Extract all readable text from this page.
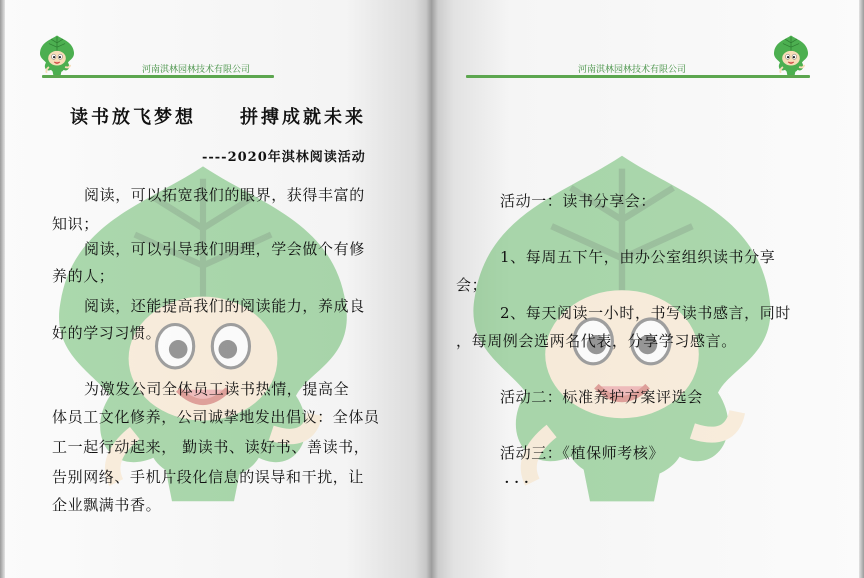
河南淇林园林技术有限公司
读书放飞梦想 拼搏成就未来
----2020年淇林阅读活动
阅读，可以拓宽我们的眼界，获得丰富的
知识；
阅读，可以引导我们明理，学会做个有修
养的人；
阅读，还能提高我们的阅读能力，养成良
好的学习习惯。
为激发公司全体员工读书热情，提高全
体员工文化修养，公司诚挚地发出倡议：全体员
工一起行动起来， 勤读书、读好书、善读书，
告别网络、手机片段化信息的误导和干扰，让
企业飘满书香。
河南淇林园林技术有限公司
活动一：读书分享会：
1、每周五下午，由办公室组织读书分享
会；
2、每天阅读一小时，书写读书感言，同时
，每周例会选两名代表，分享学习感言。
活动二：标准养护方案评选会
活动三：《植保师考核》
···
